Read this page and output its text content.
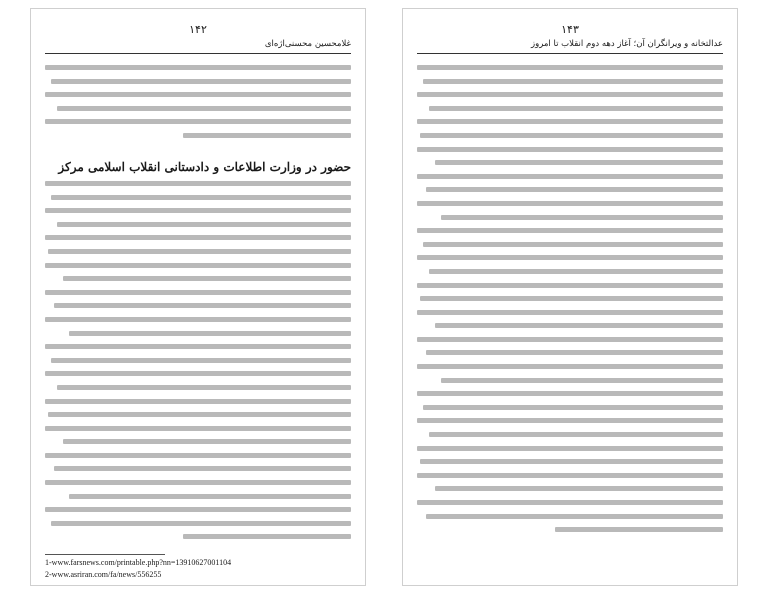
۱۴۲
غلامحسین محسنی‌اژه‌ای
حضور در وزارت اطلاعات و دادستانی انقلاب اسلامی مرکز
1-www.farsnews.com/printable.php?nn=13910627001104
2-www.asriran.com/fa/news/556255
۱۴۳
عدالتخانه و ویرانگران آن؛ آغاز دهه دوم انقلاب تا امروز
